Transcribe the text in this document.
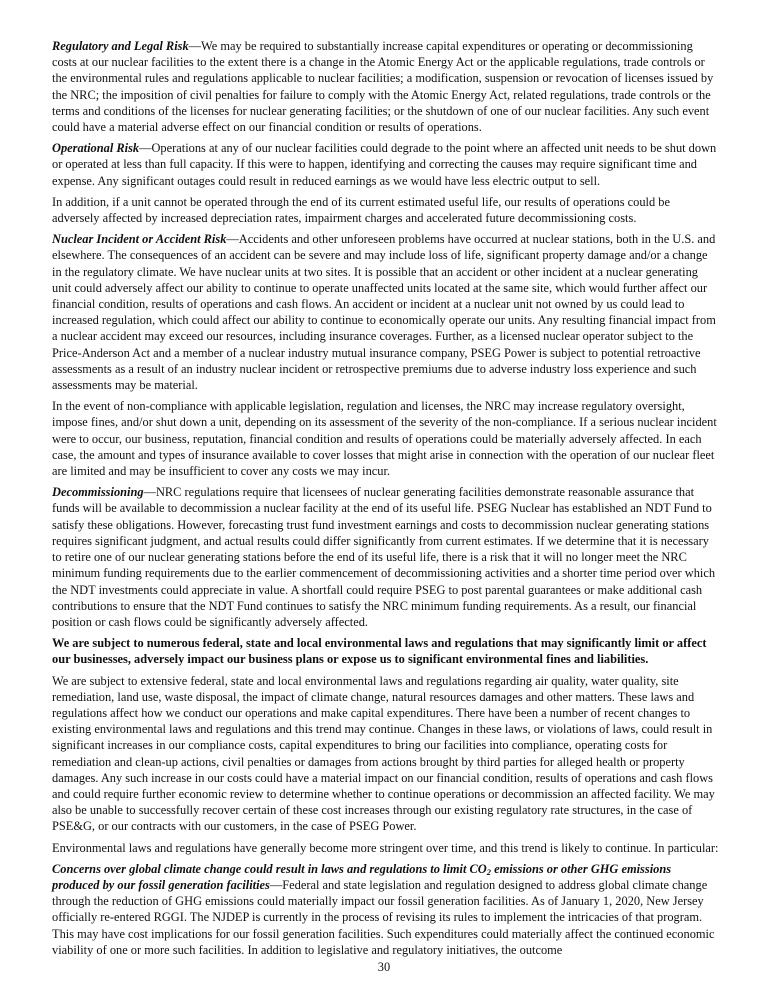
Regulatory and Legal Risk—We may be required to substantially increase capital expenditures or operating or decommissioning costs at our nuclear facilities to the extent there is a change in the Atomic Energy Act or the applicable regulations, trade controls or the environmental rules and regulations applicable to nuclear facilities; a modification, suspension or revocation of licenses issued by the NRC; the imposition of civil penalties for failure to comply with the Atomic Energy Act, related regulations, trade controls or the terms and conditions of the licenses for nuclear generating facilities; or the shutdown of one of our nuclear facilities. Any such event could have a material adverse effect on our financial condition or results of operations.

Operational Risk—Operations at any of our nuclear facilities could degrade to the point where an affected unit needs to be shut down or operated at less than full capacity. If this were to happen, identifying and correcting the causes may require significant time and expense. Any significant outages could result in reduced earnings as we would have less electric output to sell.

In addition, if a unit cannot be operated through the end of its current estimated useful life, our results of operations could be adversely affected by increased depreciation rates, impairment charges and accelerated future decommissioning costs.

Nuclear Incident or Accident Risk—Accidents and other unforeseen problems have occurred at nuclear stations, both in the U.S. and elsewhere. The consequences of an accident can be severe and may include loss of life, significant property damage and/or a change in the regulatory climate. We have nuclear units at two sites. It is possible that an accident or other incident at a nuclear generating unit could adversely affect our ability to continue to operate unaffected units located at the same site, which would further affect our financial condition, results of operations and cash flows. An accident or incident at a nuclear unit not owned by us could lead to increased regulation, which could affect our ability to continue to economically operate our units. Any resulting financial impact from a nuclear accident may exceed our resources, including insurance coverages. Further, as a licensed nuclear operator subject to the Price-Anderson Act and a member of a nuclear industry mutual insurance company, PSEG Power is subject to potential retroactive assessments as a result of an industry nuclear incident or retrospective premiums due to adverse industry loss experience and such assessments may be material.

In the event of non-compliance with applicable legislation, regulation and licenses, the NRC may increase regulatory oversight, impose fines, and/or shut down a unit, depending on its assessment of the severity of the non-compliance. If a serious nuclear incident were to occur, our business, reputation, financial condition and results of operations could be materially adversely affected. In each case, the amount and types of insurance available to cover losses that might arise in connection with the operation of our nuclear fleet are limited and may be insufficient to cover any costs we may incur.

Decommissioning—NRC regulations require that licensees of nuclear generating facilities demonstrate reasonable assurance that funds will be available to decommission a nuclear facility at the end of its useful life. PSEG Nuclear has established an NDT Fund to satisfy these obligations. However, forecasting trust fund investment earnings and costs to decommission nuclear generating stations requires significant judgment, and actual results could differ significantly from current estimates. If we determine that it is necessary to retire one of our nuclear generating stations before the end of its useful life, there is a risk that it will no longer meet the NRC minimum funding requirements due to the earlier commencement of decommissioning activities and a shorter time period over which the NDT investments could appreciate in value. A shortfall could require PSEG to post parental guarantees or make additional cash contributions to ensure that the NDT Fund continues to satisfy the NRC minimum funding requirements. As a result, our financial position or cash flows could be significantly adversely affected.

We are subject to numerous federal, state and local environmental laws and regulations that may significantly limit or affect our businesses, adversely impact our business plans or expose us to significant environmental fines and liabilities.

We are subject to extensive federal, state and local environmental laws and regulations regarding air quality, water quality, site remediation, land use, waste disposal, the impact of climate change, natural resources damages and other matters. These laws and regulations affect how we conduct our operations and make capital expenditures. There have been a number of recent changes to existing environmental laws and regulations and this trend may continue. Changes in these laws, or violations of laws, could result in significant increases in our compliance costs, capital expenditures to bring our facilities into compliance, operating costs for remediation and clean-up actions, civil penalties or damages from actions brought by third parties for alleged health or property damages. Any such increase in our costs could have a material impact on our financial condition, results of operations and cash flows and could require further economic review to determine whether to continue operations or decommission an affected facility. We may also be unable to successfully recover certain of these cost increases through our existing regulatory rate structures, in the case of PSE&G, or our contracts with our customers, in the case of PSEG Power.

Environmental laws and regulations have generally become more stringent over time, and this trend is likely to continue. In particular:

Concerns over global climate change could result in laws and regulations to limit $CO_2$ emissions or other GHG emissions produced by our fossil generation facilities—Federal and state legislation and regulation designed to address global climate change through the reduction of GHG emissions could materially impact our fossil generation facilities. As of January 1, 2020, New Jersey officially re-entered RGGI. The NJDEP is currently in the process of revising its rules to implement the intricacies of that program. This may have cost implications for our fossil generation facilities. Such expenditures could materially affect the continued economic viability of one or more such facilities. In addition to legislative and regulatory initiatives, the outcome

30
